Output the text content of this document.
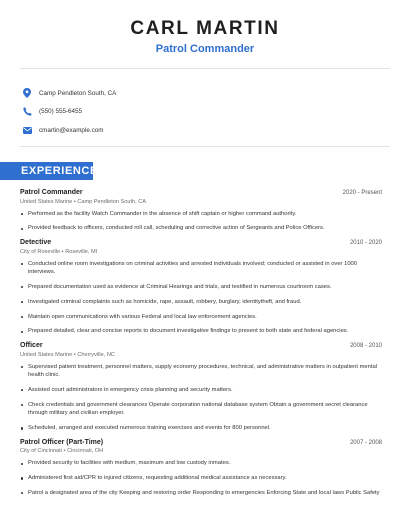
CARL MARTIN
Patrol Commander
Camp Pendleton South, CA
(550) 555-6455
cmartin@example.com
EXPERIENCE
Patrol Commander	2020 - Present
United States Marine • Camp Pendleton South, CA
Performed as the facility Watch Commander in the absence of shift captain or higher command authority.
Provided feedback to officers, conducted roll call, scheduling and corrective action of Sergeants and Police Officers.
Detective	2010 - 2020
City of Roseville • Roseville, MI
Conducted online room investigations on criminal activities and arrested individuals involved; conducted or assisted in over 1000 interviews.
Prepared documentation used as evidence at Criminal Hearings and trials, and testified in numerous courtroom cases.
Investigated criminal complaints such as homicide, rape, assault, robbery, burglary, identitytheft, and fraud.
Maintain open communications with various Federal and local law enforcement agencies.
Prepared detailed, clear and concise reports to document investigative findings to present to both state and federal agencies.
Officer	2008 - 2010
United States Marine • Cherryville, NC
Supervised patient treatment, personnel matters, supply economy procedures, technical, and administrative matters in outpatient mental health clinic.
Assisted court administrators in emergency crisis planning and security matters.
Check credentials and government clearances Operate corporation national database system Obtain a government secret clearance through military and civilian employer.
Scheduled, arranged and executed numerous training exercises and events for 800 personnel.
Patrol Officer (Part-Time)	2007 - 2008
City of Cincinnati • Cincinnati, OH
Provided security to facilities with medium, maximum and low custody inmates.
Administered first aid/CPR to injured citizens, requesting additional medical assistance as necessary.
Patrol a designated area of the city Keeping and restoring order Responding to emergencies Enforcing State and local laws Public Safety
